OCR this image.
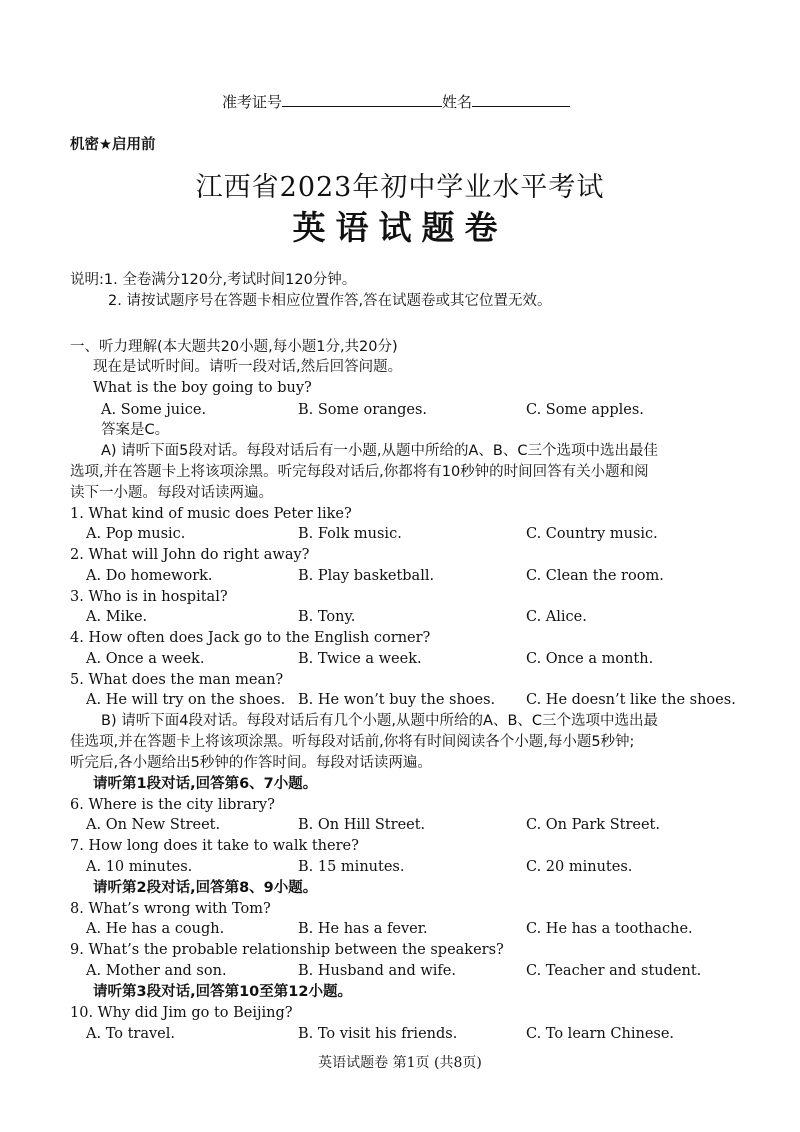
准考证号	姓名
机密★启用前
江西省2023年初中学业水平考试
英语试题卷
说明:1. 全卷满分120分,考试时间120分钟。
2. 请按试题序号在答题卡相应位置作答,答在试题卷或其它位置无效。
一、听力理解(本大题共20小题,每小题1分,共20分)
现在是试听时间。请听一段对话,然后回答问题。
What is the boy going to buy?
A. Some juice.	B. Some oranges.	C. Some apples.
答案是C。
A) 请听下面5段对话。每段对话后有一小题,从题中所给的A、B、C三个选项中选出最佳
选项,并在答题卡上将该项涂黑。听完每段对话后,你都将有10秒钟的时间回答有关小题和阅
读下一小题。每段对话读两遍。
1. What kind of music does Peter like?
A. Pop music.	B. Folk music.	C. Country music.
2. What will John do right away?
A. Do homework.	B. Play basketball.	C. Clean the room.
3. Who is in hospital?
A. Mike.	B. Tony.	C. Alice.
4. How often does Jack go to the English corner?
A. Once a week.	B. Twice a week.	C. Once a month.
5. What does the man mean?
A. He will try on the shoes. B. He won’t buy the shoes. C. He doesn’t like the shoes.
B) 请听下面4段对话。每段对话后有几个小题,从题中所给的A、B、C三个选项中选出最
佳选项,并在答题卡上将该项涂黑。听每段对话前,你将有时间阅读各个小题,每小题5秒钟;
听完后,各小题给出5秒钟的作答时间。每段对话读两遍。
请听第1段对话,回答第6、7小题。
6. Where is the city library?
A. On New Street.	B. On Hill Street.	C. On Park Street.
7. How long does it take to walk there?
A. 10 minutes.	B. 15 minutes.	C. 20 minutes.
请听第2段对话,回答第8、9小题。
8. What’s wrong with Tom?
A. He has a cough.	B. He has a fever.	C. He has a toothache.
9. What’s the probable relationship between the speakers?
A. Mother and son.	B. Husband and wife.	C. Teacher and student.
请听第3段对话,回答第10至第12小题。
10. Why did Jim go to Beijing?
A. To travel.	B. To visit his friends.	C. To learn Chinese.
英语试题卷 第1页 (共8页)
